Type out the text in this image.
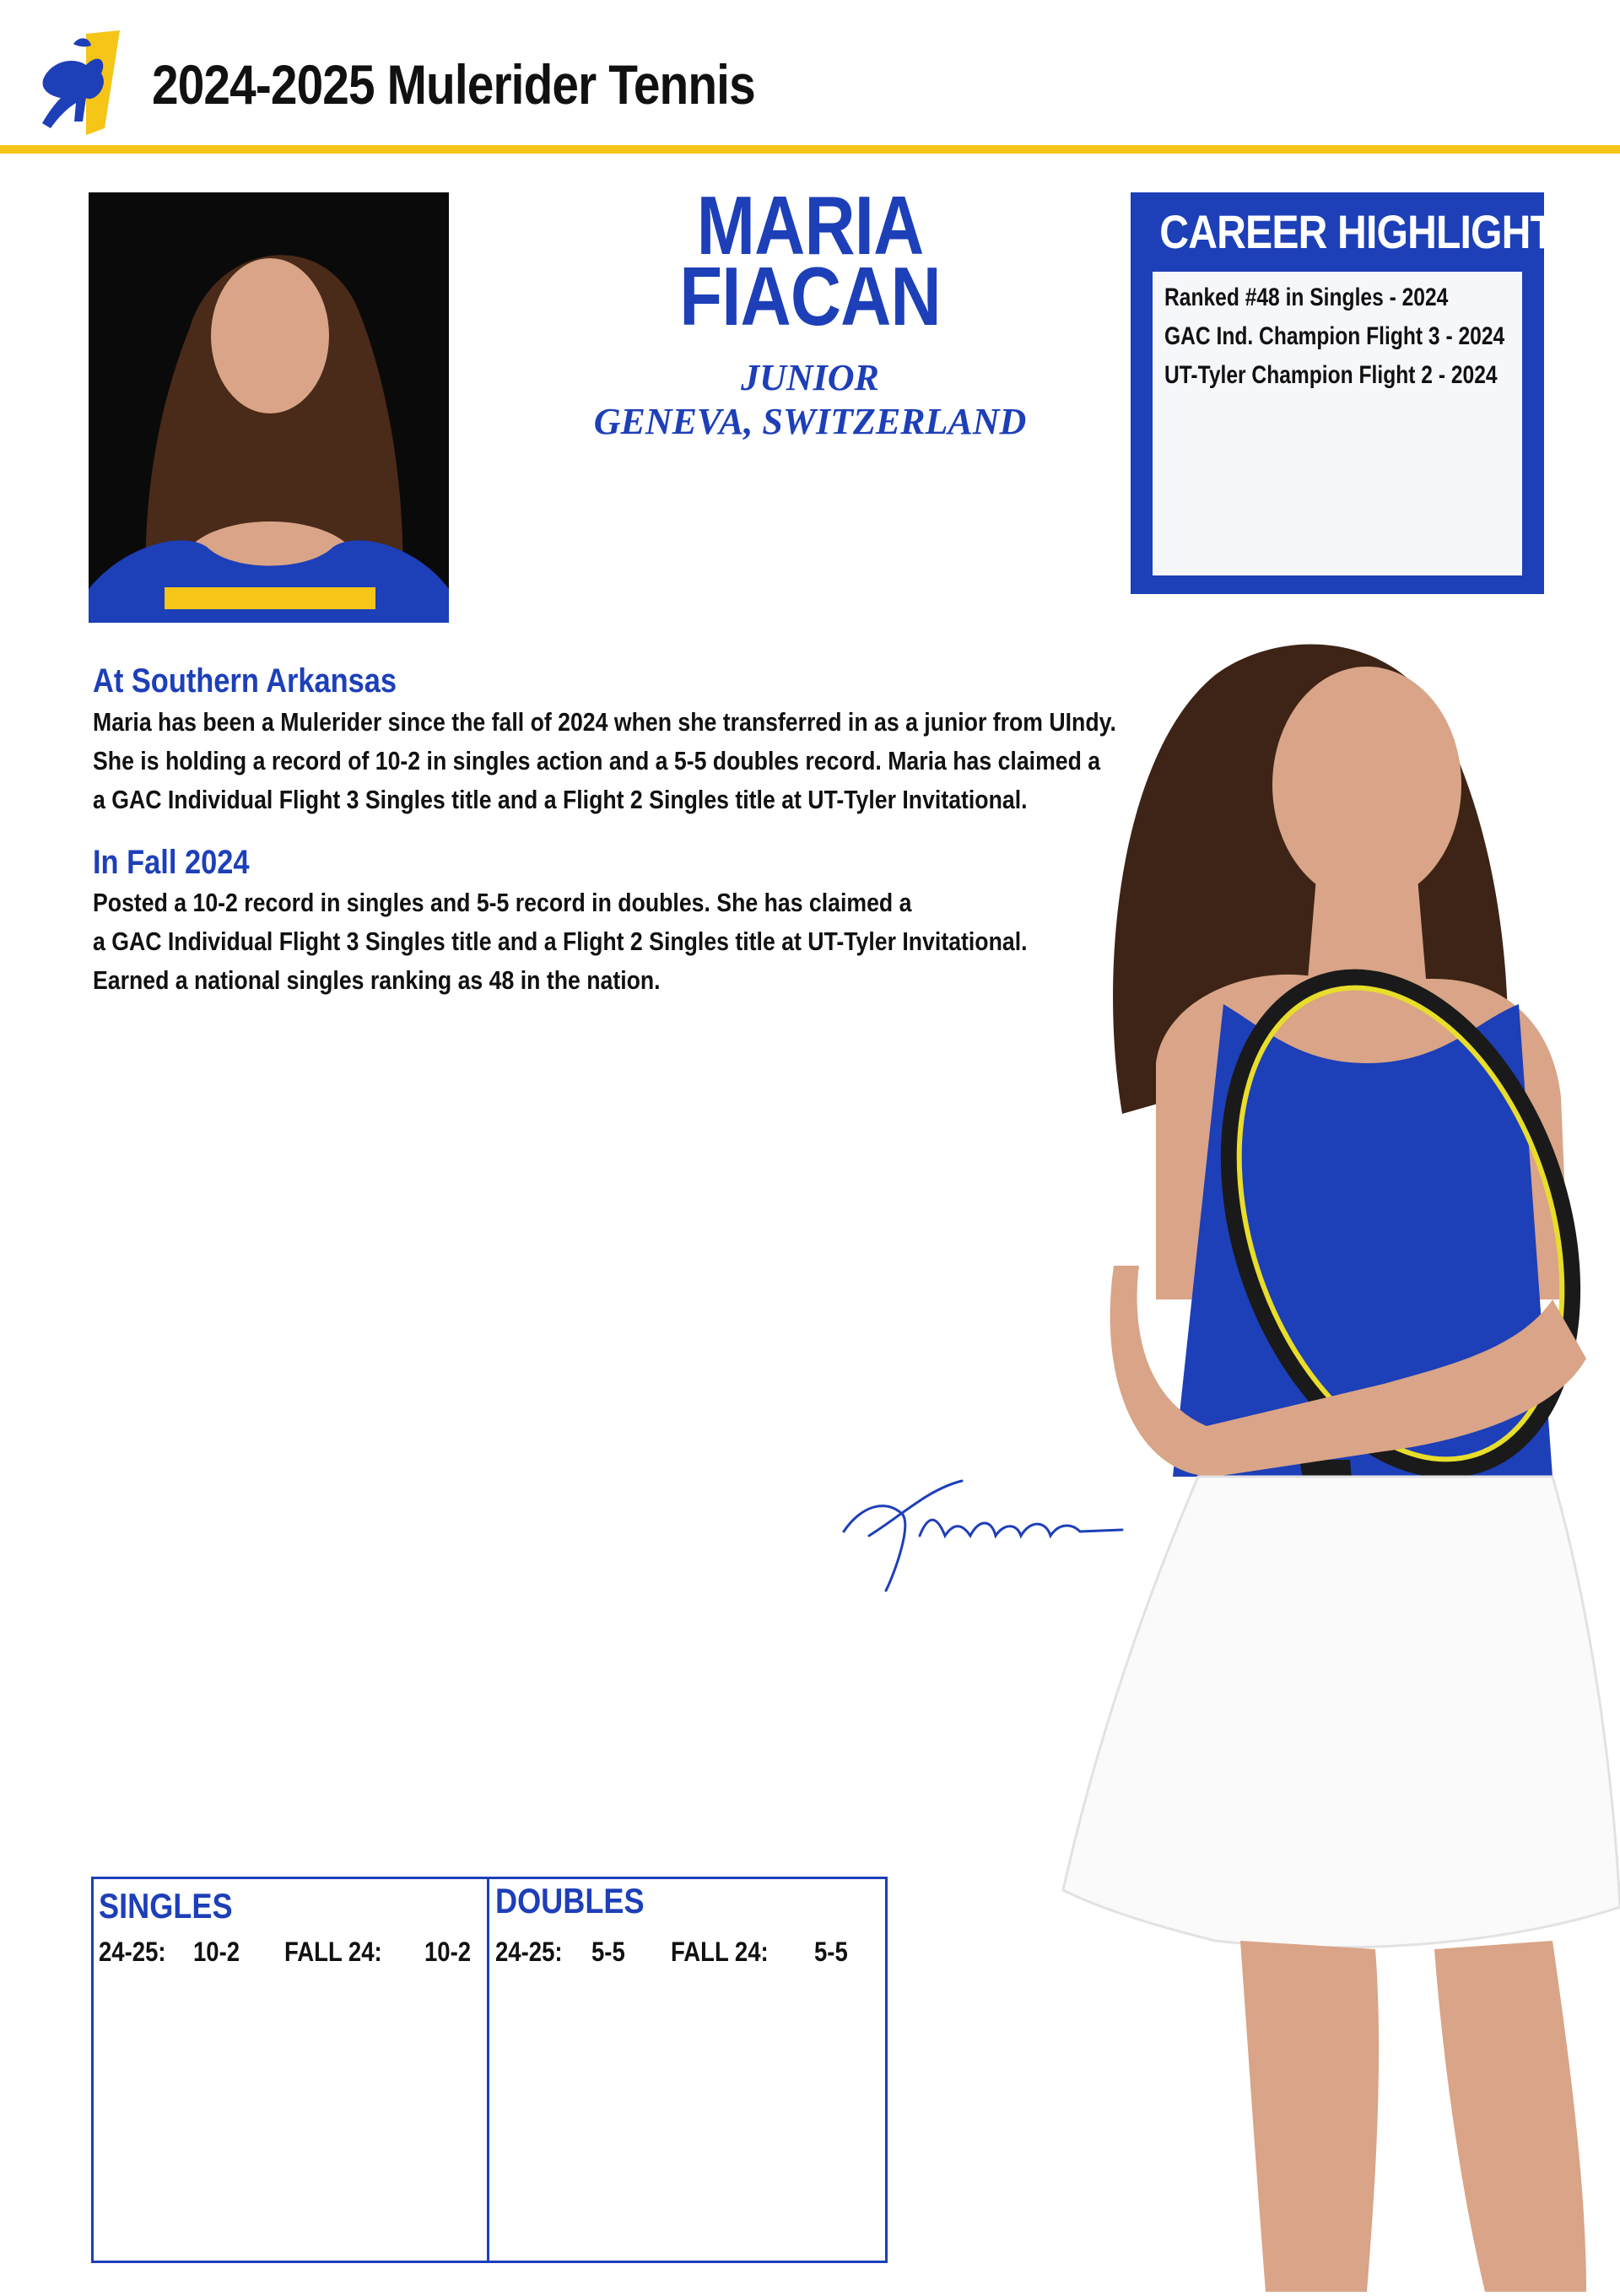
2024-2025 Mulerider Tennis
MARIA
FIACAN
JUNIOR
GENEVA, SWITZERLAND
CAREER HIGHLIGHTS
Ranked #48 in Singles - 2024
GAC Ind. Champion Flight 3 - 2024
UT-Tyler Champion Flight 2 - 2024
At Southern Arkansas
Maria has been a Mulerider since the fall of 2024 when she transferred in as a junior from UIndy.
She is holding a record of 10-2 in singles action and a 5-5 doubles record. Maria has claimed a
a GAC Individual Flight 3 Singles title and a Flight 2 Singles title at UT-Tyler Invitational.
In Fall 2024
Posted a 10-2 record in singles and 5-5 record in doubles. She has claimed a
a GAC Individual Flight 3 Singles title and a Flight 2 Singles title at UT-Tyler Invitational.
Earned a national singles ranking as 48 in the nation.
SINGLES
24-25: 10-2 FALL 24: 10-2
DOUBLES
24-25: 5-5 FALL 24: 5-5
